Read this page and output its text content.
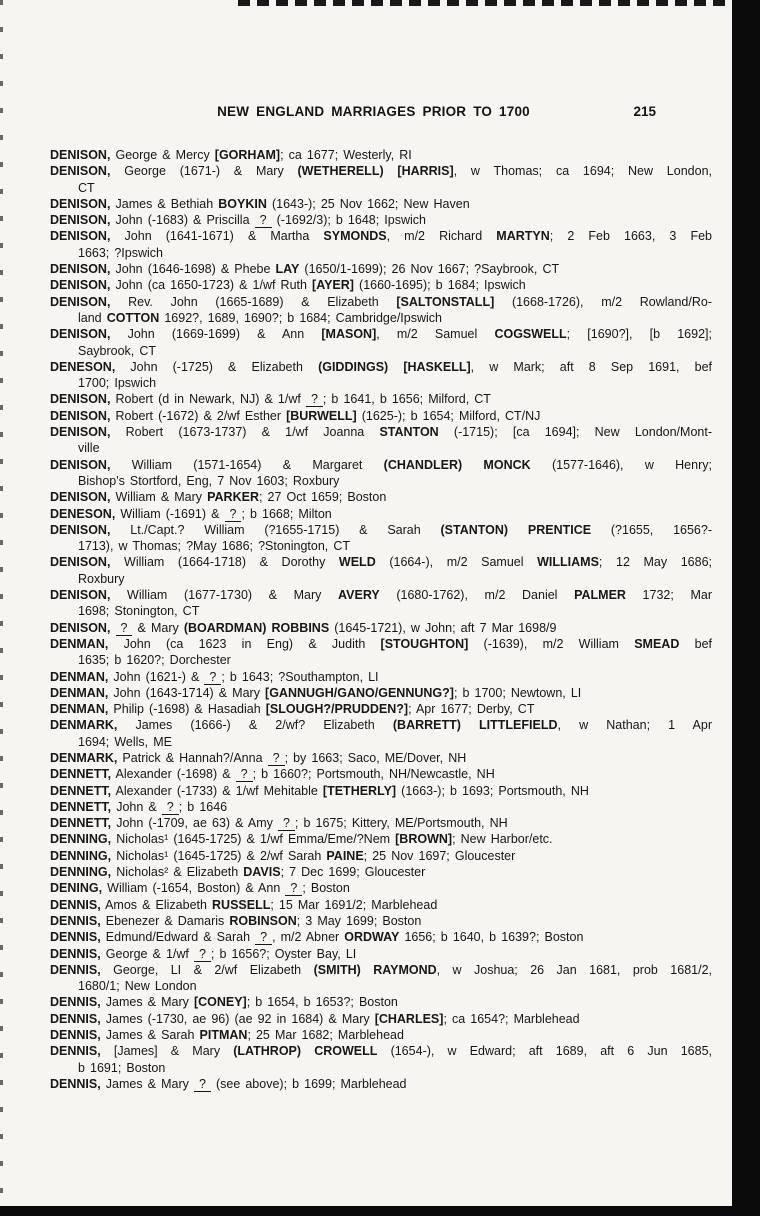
NEW ENGLAND MARRIAGES PRIOR TO 1700	215
DENISON, George & Mercy [GORHAM]; ca 1677; Westerly, RI
DENISON, George (1671-) & Mary (WETHERELL) [HARRIS], w Thomas; ca 1694; New London,
CT
DENISON, James & Bethiah BOYKIN (1643-); 25 Nov 1662; New Haven
DENISON, John (-1683) & Priscilla ? (-1692/3); b 1648; Ipswich
DENISON, John (1641-1671) & Martha SYMONDS, m/2 Richard MARTYN; 2 Feb 1663, 3 Feb
1663; ?Ipswich
DENISON, John (1646-1698) & Phebe LAY (1650/1-1699); 26 Nov 1667; ?Saybrook, CT
DENISON, John (ca 1650-1723) & 1/wf Ruth [AYER] (1660-1695); b 1684; Ipswich
DENISON, Rev. John (1665-1689) & Elizabeth [SALTONSTALL] (1668-1726), m/2 Rowland/Ro-
land COTTON 1692?, 1689, 1690?; b 1684; Cambridge/Ipswich
DENISON, John (1669-1699) & Ann [MASON], m/2 Samuel COGSWELL; [1690?], [b 1692];
Saybrook, CT
DENESON, John (-1725) & Elizabeth (GIDDINGS) [HASKELL], w Mark; aft 8 Sep 1691, bef
1700; Ipswich
DENISON, Robert (d in Newark, NJ) & 1/wf ? ; b 1641, b 1656; Milford, CT
DENISON, Robert (-1672) & 2/wf Esther [BURWELL] (1625-); b 1654; Milford, CT/NJ
DENISON, Robert (1673-1737) & 1/wf Joanna STANTON (-1715); [ca 1694]; New London/Mont-
ville
DENISON, William (1571-1654) & Margaret (CHANDLER) MONCK (1577-1646), w Henry;
Bishop's Stortford, Eng, 7 Nov 1603; Roxbury
DENISON, William & Mary PARKER; 27 Oct 1659; Boston
DENESON, William (-1691) & ? ; b 1668; Milton
DENISON, Lt./Capt.? William (?1655-1715) & Sarah (STANTON) PRENTICE (?1655, 1656?-
1713), w Thomas; ?May 1686; ?Stonington, CT
DENISON, William (1664-1718) & Dorothy WELD (1664-), m/2 Samuel WILLIAMS; 12 May 1686;
Roxbury
DENISON, William (1677-1730) & Mary AVERY (1680-1762), m/2 Daniel PALMER 1732; Mar
1698; Stonington, CT
DENISON, ? & Mary (BOARDMAN) ROBBINS (1645-1721), w John; aft 7 Mar 1698/9
DENMAN, John (ca 1623 in Eng) & Judith [STOUGHTON] (-1639), m/2 William SMEAD bef
1635; b 1620?; Dorchester
DENMAN, John (1621-) & ? ; b 1643; ?Southampton, LI
DENMAN, John (1643-1714) & Mary [GANNUGH/GANO/GENNUNG?]; b 1700; Newtown, LI
DENMAN, Philip (-1698) & Hasadiah [SLOUGH?/PRUDDEN?]; Apr 1677; Derby, CT
DENMARK, James (1666-) & 2/wf? Elizabeth (BARRETT) LITTLEFIELD, w Nathan; 1 Apr
1694; Wells, ME
DENMARK, Patrick & Hannah?/Anna ? ; by 1663; Saco, ME/Dover, NH
DENNETT, Alexander (-1698) & ? ; b 1660?; Portsmouth, NH/Newcastle, NH
DENNETT, Alexander (-1733) & 1/wf Mehitable [TETHERLY] (1663-); b 1693; Portsmouth, NH
DENNETT, John & ? ; b 1646
DENNETT, John (-1709, ae 63) & Amy ? ; b 1675; Kittery, ME/Portsmouth, NH
DENNING, Nicholas¹ (1645-1725) & 1/wf Emma/Eme/?Nem [BROWN]; New Harbor/etc.
DENNING, Nicholas¹ (1645-1725) & 2/wf Sarah PAINE; 25 Nov 1697; Gloucester
DENNING, Nicholas² & Elizabeth DAVIS; 7 Dec 1699; Gloucester
DENING, William (-1654, Boston) & Ann ? ; Boston
DENNIS, Amos & Elizabeth RUSSELL; 15 Mar 1691/2; Marblehead
DENNIS, Ebenezer & Damaris ROBINSON; 3 May 1699; Boston
DENNIS, Edmund/Edward & Sarah ? , m/2 Abner ORDWAY 1656; b 1640, b 1639?; Boston
DENNIS, George & 1/wf ? ; b 1656?; Oyster Bay, LI
DENNIS, George, LI & 2/wf Elizabeth (SMITH) RAYMOND, w Joshua; 26 Jan 1681, prob 1681/2,
1680/1; New London
DENNIS, James & Mary [CONEY]; b 1654, b 1653?; Boston
DENNIS, James (-1730, ae 96) (ae 92 in 1684) & Mary [CHARLES]; ca 1654?; Marblehead
DENNIS, James & Sarah PITMAN; 25 Mar 1682; Marblehead
DENNIS, [James] & Mary (LATHROP) CROWELL (1654-), w Edward; aft 1689, aft 6 Jun 1685,
b 1691; Boston
DENNIS, James & Mary ? (see above); b 1699; Marblehead
